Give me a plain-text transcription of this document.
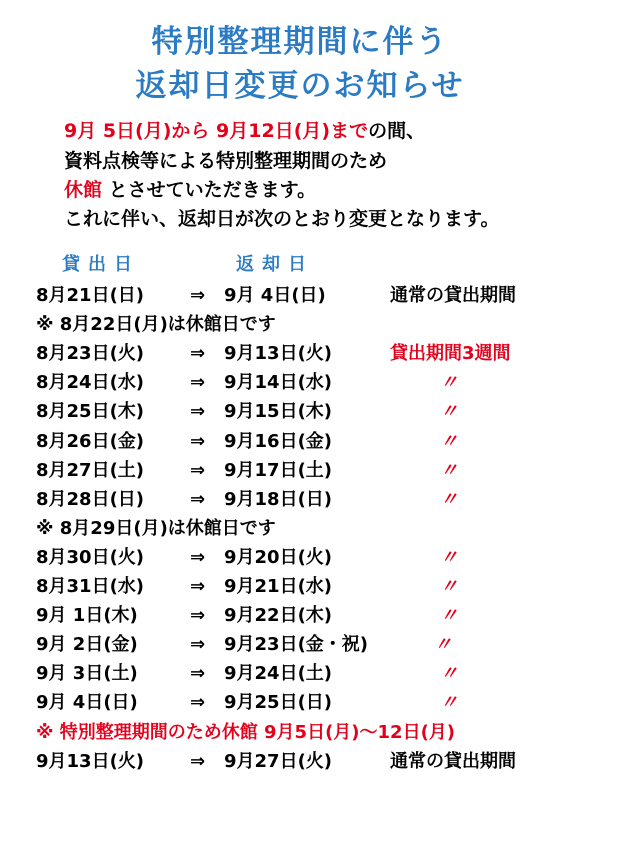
特別整理期間に伴う
返却日変更のお知らせ
9月 5日(月)から 9月12日(月)までの間、
資料点検等による特別整理期間のため
休館 とさせていただきます。
これに伴い、返却日が次のとおり変更となります。
貸出日	返却日
8月21日(日)	⇒ 9月 4日(日)	通常の貸出期間
※ 8月22日(月)は休館日です
8月23日(火)	⇒ 9月13日(火)	貸出期間3週間
8月24日(水)	⇒ 9月14日(水)	〃
8月25日(木)	⇒ 9月15日(木)	〃
8月26日(金)	⇒ 9月16日(金)	〃
8月27日(土)	⇒ 9月17日(土)	〃
8月28日(日)	⇒ 9月18日(日)	〃
※ 8月29日(月)は休館日です
8月30日(火)	⇒ 9月20日(火)	〃
8月31日(水)	⇒ 9月21日(水)	〃
9月 1日(木)	⇒ 9月22日(木)	〃
9月 2日(金)	⇒ 9月23日(金・祝)	〃
9月 3日(土)	⇒ 9月24日(土)	〃
9月 4日(日)	⇒ 9月25日(日)	〃
※ 特別整理期間のため休館 9月5日(月)～12日(月)
9月13日(火)	⇒ 9月27日(火)	通常の貸出期間
